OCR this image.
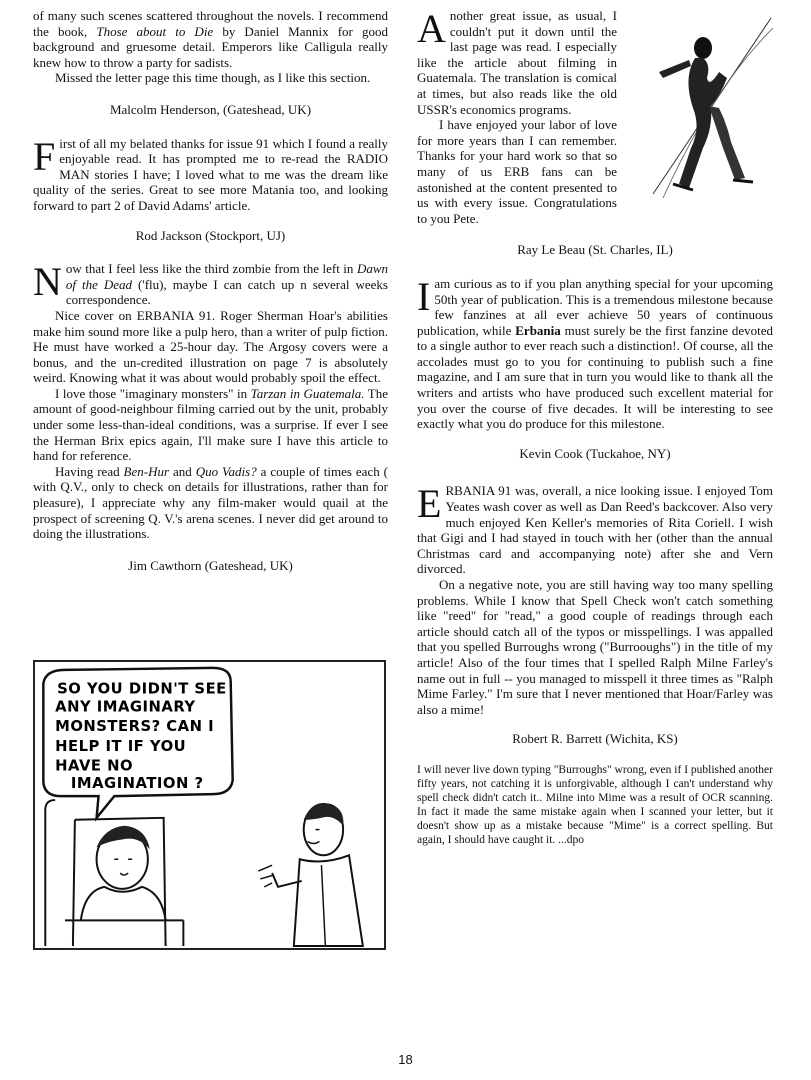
of many such scenes scattered throughout the novels. I recommend the book, Those about to Die by Daniel Mannix for good background and gruesome detail. Emperors like Calligula really knew how to throw a party for sadists.

Missed the letter page this time though, as I like this section.

Malcolm Henderson, (Gateshead, UK)

First of all my belated thanks for issue 91 which I found a really enjoyable read. It has prompted me to re-read the RADIO MAN stories I have; I loved what to me was the dream like quality of the series. Great to see more Matania too, and looking forward to part 2 of David Adams' article.

Rod Jackson (Stockport, UJ)

Now that I feel less like the third zombie from the left in Dawn of the Dead ('flu), maybe I can catch up n several weeks correspondence.

Nice cover on ERBANIA 91. Roger Sherman Hoar's abilities make him sound more like a pulp hero, than a writer of pulp fiction. He must have worked a 25-hour day. The Argosy covers were a bonus, and the un-credited illustration on page 7 is absolutely weird. Knowing what it was about would probably spoil the effect.

I love those "imaginary monsters" in Tarzan in Guatemala. The amount of good-neighbour filming carried out by the unit, probably under some less-than-ideal conditions, was a surprise. If ever I see the Herman Brix epics again, I'll make sure I have this article to hand for reference.

Having read Ben-Hur and Quo Vadis? a couple of times each ( with Q.V., only to check on details for illustrations, rather than for pleasure), I appreciate why any film-maker would quail at the prospect of screening Q. V.'s arena scenes. I never did get around to doing the illustrations.

Jim Cawthorn (Gateshead, UK)
SO YOU DIDN'T SEE
ANY IMAGINARY
MONSTERS? CAN I
HELP IT IF YOU
HAVE NO
IMAGINATION ?

Another great issue, as usual, I couldn't put it down until the last page was read. I especially like the article about filming in Guatemala. The translation is comical at times, but also reads like the old USSR's economics programs.

I have enjoyed your labor of love for more years than I can remember. Thanks for your hard work so that so many of us ERB fans can be astonished at the content presented to us with every issue. Congratulations to you Pete.

Ray Le Beau (St. Charles, IL)

Iam curious as to if you plan anything special for your upcoming 50th year of publication. This is a tremendous milestone because few fanzines at all ever achieve 50 years of continuous publication, while Erbania must surely be the first fanzine devoted to a single author to ever reach such a distinction!. Of course, all the accolades must go to you for continuing to publish such a fine magazine, and I am sure that in turn you would like to thank all the writers and artists who have produced such excellent material for you over the course of five decades. It will be interesting to see exactly what you do produce for this milestone.

Kevin Cook (Tuckahoe, NY)

ERBANIA 91 was, overall, a nice looking issue. I enjoyed Tom Yeates wash cover as well as Dan Reed's backcover. Also very much enjoyed Ken Keller's memories of Rita Coriell. I wish that Gigi and I had stayed in touch with her (other than the annual Christmas card and accompanying note) after she and Vern divorced.

On a negative note, you are still having way too many spelling problems. While I know that Spell Check won't catch something like "reed" for "read," a good couple of readings through each article should catch all of the typos or misspellings. I was appalled that you spelled Burroughs wrong ("Burrooughs") in the title of my article! Also of the four times that I spelled Ralph Milne Farley's name out in full -- you managed to misspell it three times as "Ralph Mime Farley." I'm sure that I never mentioned that Hoar/Farley was also a mime!

Robert R. Barrett (Wichita, KS)

I will never live down typing "Burroughs" wrong, even if I published another fifty years, not catching it is unforgivable, although I can't understand why spell check didn't catch it.. Milne into Mime was a result of OCR scanning. In fact it made the same mistake again when I scanned your letter, but it doesn't show up as a mistake because "Mime" is a correct spelling. But again, I should have caught it. ...dpo

18
